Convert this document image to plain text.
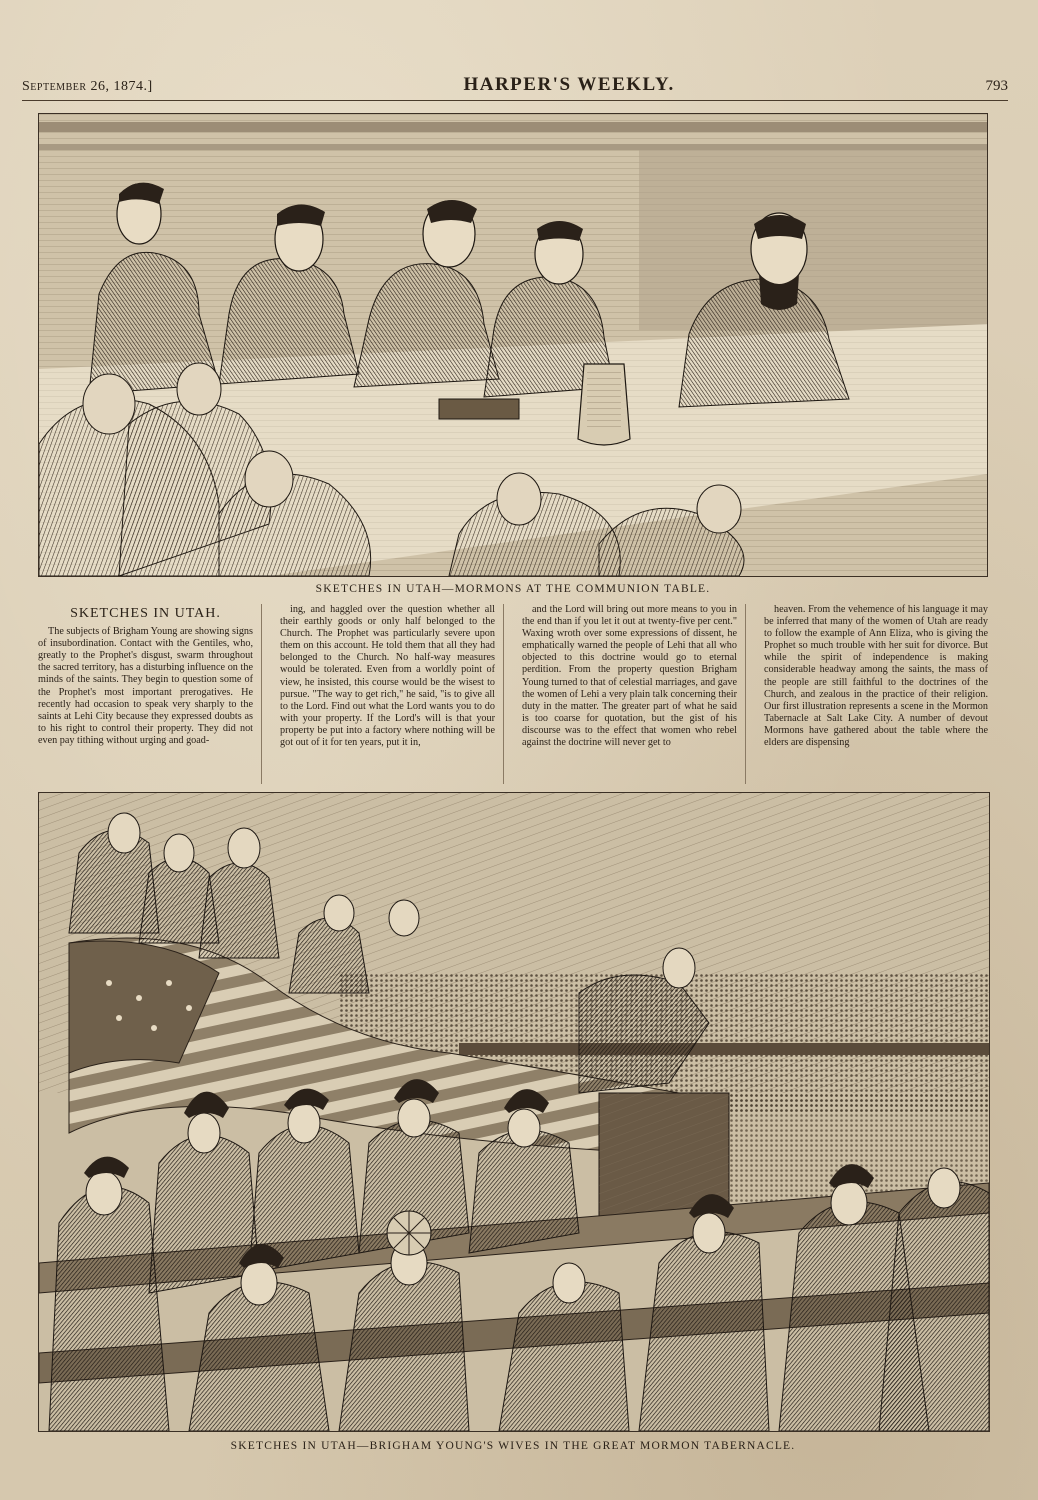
September 26, 1874.]	HARPER'S WEEKLY.	793
SKETCHES IN UTAH—MORMONS AT THE COMMUNION TABLE.
SKETCHES IN UTAH.

The subjects of Brigham Young are showing signs of insubordination. Contact with the Gentiles, who, greatly to the Prophet's disgust, swarm throughout the sacred territory, has a disturbing influence on the minds of the saints. They begin to question some of the Prophet's most important prerogatives. He recently had occasion to speak very sharply to the saints at Lehi City because they expressed doubts as to his right to control their property. They did not even pay tithing without urging and goad-

ing, and haggled over the question whether all their earthly goods or only half belonged to the Church. The Prophet was particularly severe upon them on this account. He told them that all they had belonged to the Church. No half-way measures would be tolerated. Even from a worldly point of view, he insisted, this course would be the wisest to pursue. "The way to get rich," he said, "is to give all to the Lord. Find out what the Lord wants you to do with your property. If the Lord's will is that your property be put into a factory where nothing will be got out of it for ten years, put it in,

and the Lord will bring out more means to you in the end than if you let it out at twenty-five per cent." Waxing wroth over some expressions of dissent, he emphatically warned the people of Lehi that all who objected to this doctrine would go to eternal perdition. From the property question Brigham Young turned to that of celestial marriages, and gave the women of Lehi a very plain talk concerning their duty in the matter. The greater part of what he said is too coarse for quotation, but the gist of his discourse was to the effect that women who rebel against the doctrine will never get to

heaven. From the vehemence of his language it may be inferred that many of the women of Utah are ready to follow the example of Ann Eliza, who is giving the Prophet so much trouble with her suit for divorce. But while the spirit of independence is making considerable headway among the saints, the mass of the people are still faithful to the doctrines of the Church, and zealous in the practice of their religion. Our first illustration represents a scene in the Mormon Tabernacle at Salt Lake City. A number of devout Mormons have gathered about the table where the elders are dispensing

SKETCHES IN UTAH—BRIGHAM YOUNG'S WIVES IN THE GREAT MORMON TABERNACLE.
